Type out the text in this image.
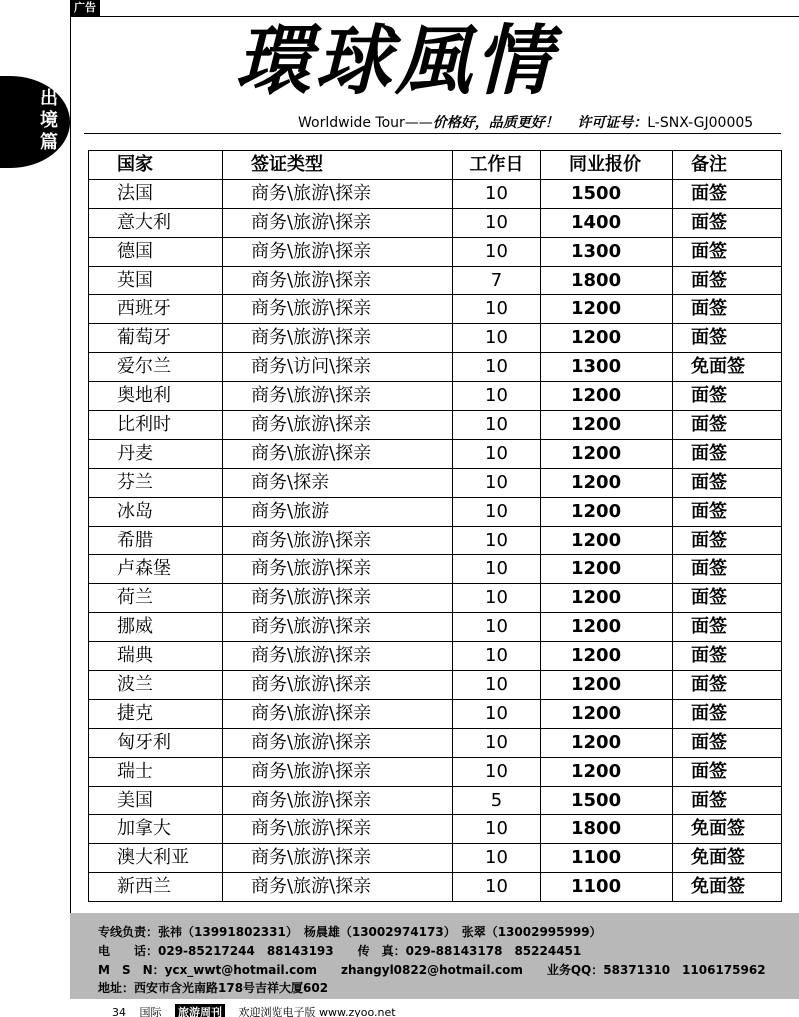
广告
出境篇
環球風情
Worldwide Tour——价格好，品质更好！ 许可证号：L-SNX-GJ00005
国家	签证类型	工作日	同业报价	备注
法国	商务\旅游\探亲	10	1500	面签
意大利	商务\旅游\探亲	10	1400	面签
德国	商务\旅游\探亲	10	1300	面签
英国	商务\旅游\探亲	7	1800	面签
西班牙	商务\旅游\探亲	10	1200	面签
葡萄牙	商务\旅游\探亲	10	1200	面签
爱尔兰	商务\访问\探亲	10	1300	免面签
奥地利	商务\旅游\探亲	10	1200	面签
比利时	商务\旅游\探亲	10	1200	面签
丹麦	商务\旅游\探亲	10	1200	面签
芬兰	商务\探亲	10	1200	面签
冰岛	商务\旅游	10	1200	面签
希腊	商务\旅游\探亲	10	1200	面签
卢森堡	商务\旅游\探亲	10	1200	面签
荷兰	商务\旅游\探亲	10	1200	面签
挪威	商务\旅游\探亲	10	1200	面签
瑞典	商务\旅游\探亲	10	1200	面签
波兰	商务\旅游\探亲	10	1200	面签
捷克	商务\旅游\探亲	10	1200	面签
匈牙利	商务\旅游\探亲	10	1200	面签
瑞士	商务\旅游\探亲	10	1200	面签
美国	商务\旅游\探亲	5	1500	面签
加拿大	商务\旅游\探亲	10	1800	免面签
澳大利亚	商务\旅游\探亲	10	1100	免面签
新西兰	商务\旅游\探亲	10	1100	免面签
专线负责：张祎（13991802331）　杨晨雄（13002974173）　张翠（13002995999）
电　　话：029-85217244　88143193　　传　真：029-88143178　85224451
M　S　N：ycx_wwt@hotmail.com　　zhangyl0822@hotmail.com　　业务QQ：58371310　1106175962
地址：西安市含光南路178号吉祥大厦602
34 国际 旅游周刊 欢迎浏览电子版 www.zyoo.net
